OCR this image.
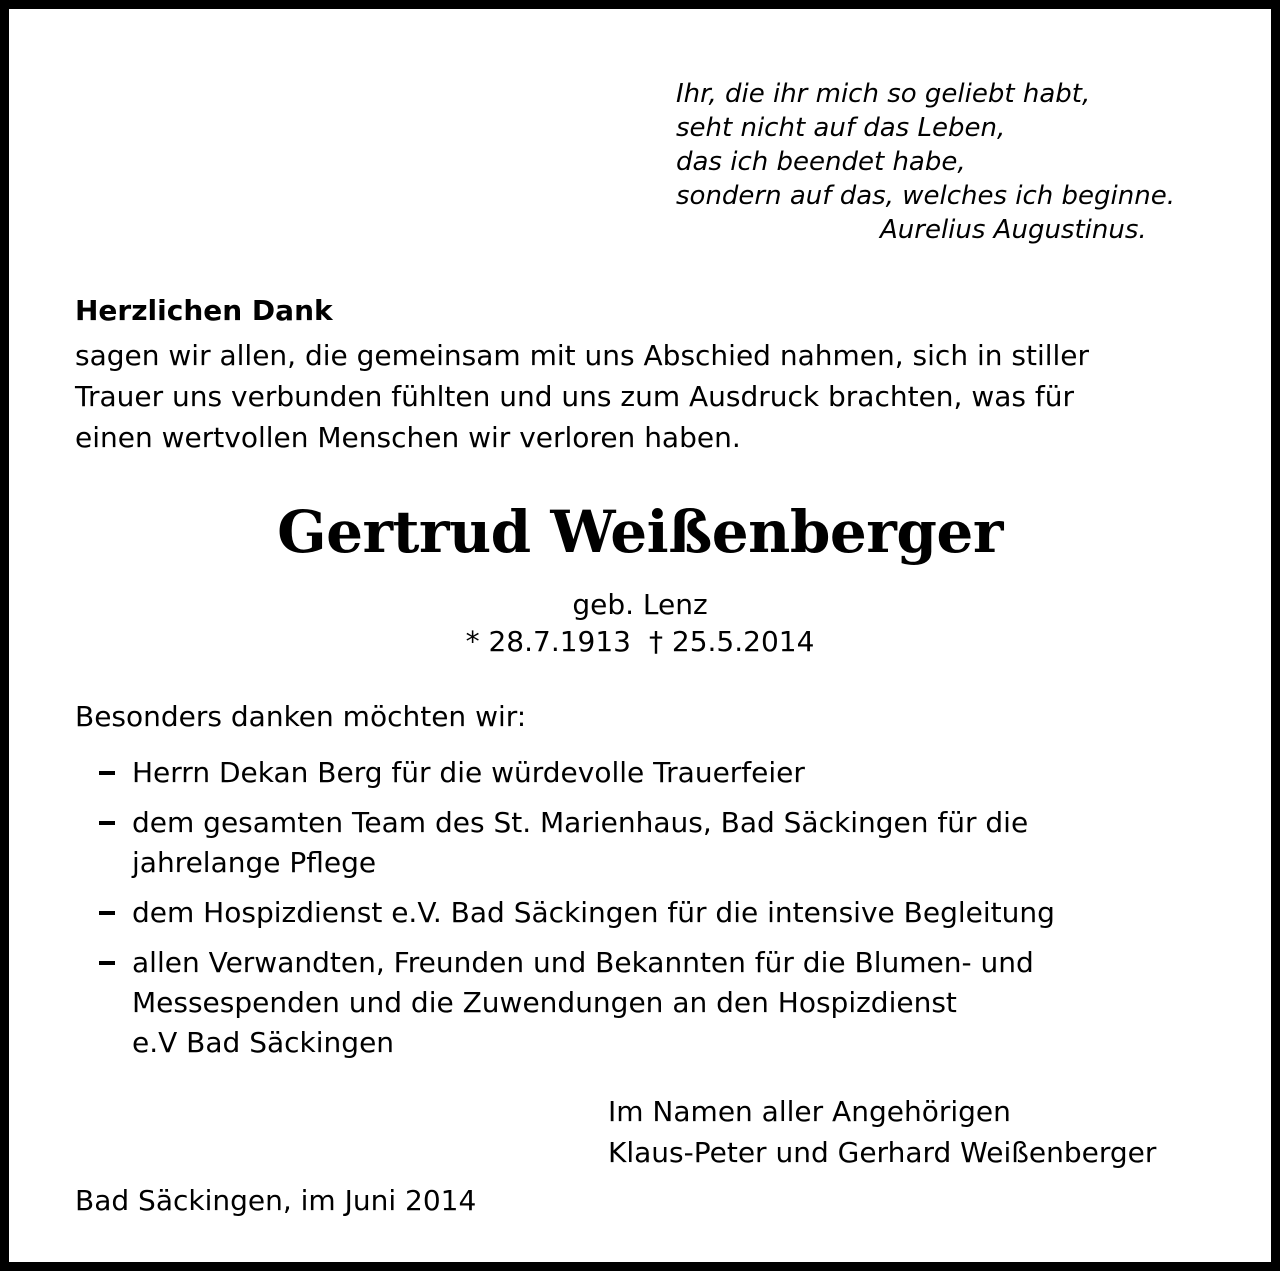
Ihr, die ihr mich so geliebt habt,
seht nicht auf das Leben,
das ich beendet habe,
sondern auf das, welches ich beginne.
Aurelius Augustinus.
Herzlichen Dank
sagen wir allen, die gemeinsam mit uns Abschied nahmen, sich in stiller
Trauer uns verbunden fühlten und uns zum Ausdruck brachten, was für
einen wertvollen Menschen wir verloren haben.
Gertrud Weißenberger
geb. Lenz
* 28.7.1913 † 25.5.2014
Besonders danken möchten wir:
Herrn Dekan Berg für die würdevolle Trauerfeier
dem gesamten Team des St. Marienhaus, Bad Säckingen für die
jahrelange Pflege
dem Hospizdienst e.V. Bad Säckingen für die intensive Begleitung
allen Verwandten, Freunden und Bekannten für die Blumen- und
Messespenden und die Zuwendungen an den Hospizdienst
e.V Bad Säckingen
Im Namen aller Angehörigen
Klaus-Peter und Gerhard Weißenberger
Bad Säckingen, im Juni 2014
